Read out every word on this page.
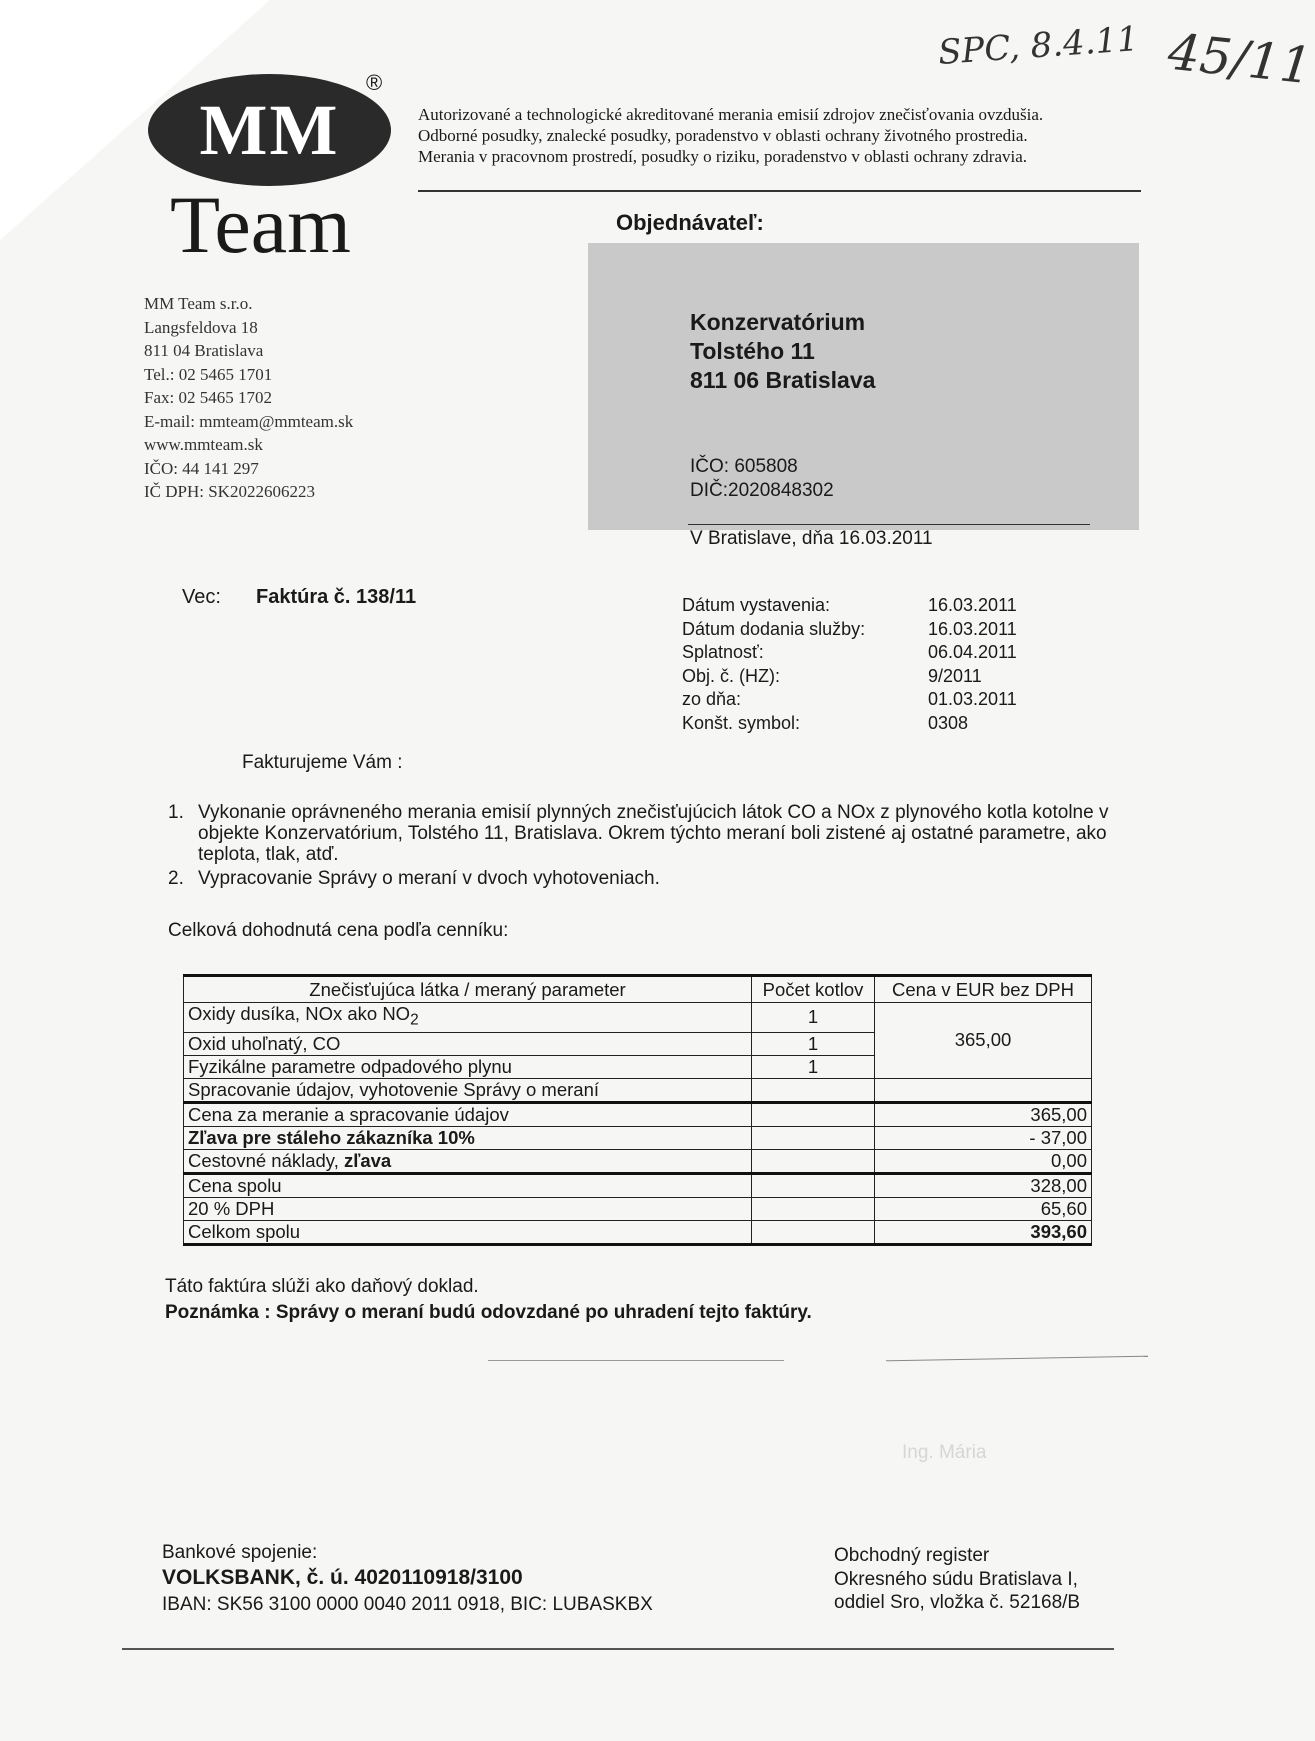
SPC, 8.4.11 45/11
MM
®
Team
Autorizované a technologické akreditované merania emisií zdrojov znečisťovania ovzdušia.
Odborné posudky, znalecké posudky, poradenstvo v oblasti ochrany životného prostredia.
Merania v pracovnom prostredí, posudky o riziku, poradenstvo v oblasti ochrany zdravia.
MM Team s.r.o.
Langsfeldova 18
811 04 Bratislava
Tel.: 02 5465 1701
Fax: 02 5465 1702
E-mail: mmteam@mmteam.sk
www.mmteam.sk
IČO: 44 141 297
IČ DPH: SK2022606223
Objednávateľ:
Konzervatórium
Tolstého 11
811 06 Bratislava
IČO: 605808
DIČ:2020848302
V Bratislave, dňa 16.03.2011
Vec: Faktúra č. 138/11	Dátum vystavenia:	16.03.2011
Dátum dodania služby:	16.03.2011
Splatnosť:	06.04.2011
Obj. č. (HZ):	9/2011
zo dňa:	01.03.2011
Konšt. symbol:	0308
Fakturujeme Vám :
1. Vykonanie oprávneného merania emisií plynných znečisťujúcich látok CO a NOx z plynového kotla kotolne v objekte Konzervatórium, Tolstého 11, Bratislava. Okrem týchto meraní boli zistené aj ostatné parametre, ako teplota, tlak, atď.
2. Vypracovanie Správy o meraní v dvoch vyhotoveniach.
Celková dohodnutá cena podľa cenníku:
Znečisťujúca látka / meraný parameter	Počet kotlov	Cena v EUR bez DPH
Oxidy dusíka, NOx ako $NO_2$	1	365,00
Oxid uhoľnatý, CO	1	
Fyzikálne parametre odpadového plynu	1	
Spracovanie údajov, vyhotovenie Správy o meraní		
Cena za meranie a spracovanie údajov		365,00
Zľava pre stáleho zákazníka 10%		- 37,00
Cestovné náklady, zľava		0,00
Cena spolu		328,00
20 % DPH		65,60
Celkom spolu		393,60
Táto faktúra slúži ako daňový doklad.
Poznámka : Správy o meraní budú odovzdané po uhradení tejto faktúry.
Ing. Mária
Bankové spojenie:
VOLKSBANK, č. ú. 4020110918/3100
IBAN: SK56 3100 0000 0040 2011 0918, BIC: LUBASKBX
Obchodný register
Okresného súdu Bratislava I,
oddiel Sro, vložka č. 52168/B
